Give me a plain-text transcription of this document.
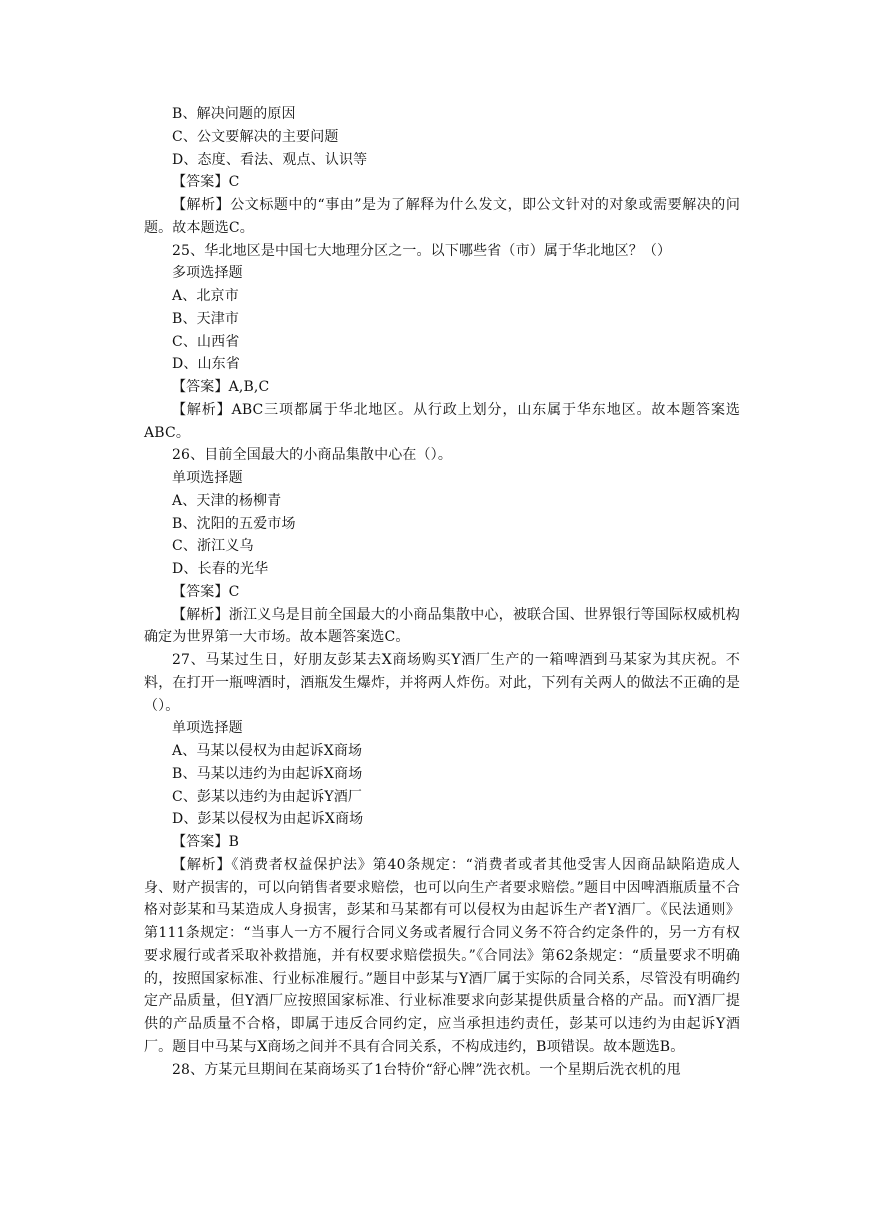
B、解决问题的原因

C、公文要解决的主要问题

D、态度、看法、观点、认识等

【答案】C

【解析】公文标题中的“事由”是为了解释为什么发文，即公文针对的对象或需要解决的问题。故本题选C。

25、华北地区是中国七大地理分区之一。以下哪些省（市）属于华北地区？（）

多项选择题

A、北京市

B、天津市

C、山西省

D、山东省

【答案】A,B,C

【解析】ABC三项都属于华北地区。从行政上划分，山东属于华东地区。故本题答案选ABC。

26、目前全国最大的小商品集散中心在（）。

单项选择题

A、天津的杨柳青

B、沈阳的五爱市场

C、浙江义乌

D、长春的光华

【答案】C

【解析】浙江义乌是目前全国最大的小商品集散中心，被联合国、世界银行等国际权威机构确定为世界第一大市场。故本题答案选C。

27、马某过生日，好朋友彭某去X商场购买Y酒厂生产的一箱啤酒到马某家为其庆祝。不料，在打开一瓶啤酒时，酒瓶发生爆炸，并将两人炸伤。对此，下列有关两人的做法不正确的是（）。

单项选择题

A、马某以侵权为由起诉X商场

B、马某以违约为由起诉X商场

C、彭某以违约为由起诉Y酒厂

D、彭某以侵权为由起诉X商场

【答案】B

【解析】《消费者权益保护法》第40条规定：“消费者或者其他受害人因商品缺陷造成人身、财产损害的，可以向销售者要求赔偿，也可以向生产者要求赔偿。”题目中因啤酒瓶质量不合格对彭某和马某造成人身损害，彭某和马某都有可以侵权为由起诉生产者Y酒厂。《民法通则》第111条规定：“当事人一方不履行合同义务或者履行合同义务不符合约定条件的，另一方有权要求履行或者采取补救措施，并有权要求赔偿损失。”《合同法》第62条规定：“质量要求不明确的，按照国家标准、行业标准履行。”题目中彭某与Y酒厂属于实际的合同关系，尽管没有明确约定产品质量，但Y酒厂应按照国家标准、行业标准要求向彭某提供质量合格的产品。而Y酒厂提供的产品质量不合格，即属于违反合同约定，应当承担违约责任，彭某可以违约为由起诉Y酒厂。题目中马某与X商场之间并不具有合同关系，不构成违约，B项错误。故本题选B。

28、方某元旦期间在某商场买了1台特价“舒心牌”洗衣机。一个星期后洗衣机的甩
